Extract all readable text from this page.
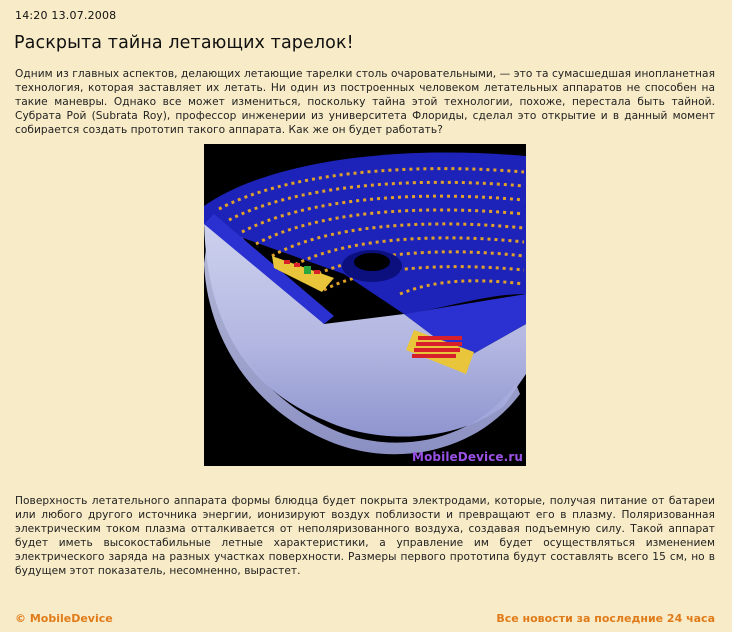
14:20 13.07.2008
Раскрыта тайна летающих тарелок!

Одним из главных аспектов, делающих летающие тарелки столь очаровательными, — это та сумасшедшая инопланетная технология, которая заставляет их летать. Ни один из построенных человеком летательных аппаратов не способен на такие маневры. Однако все может измениться, поскольку тайна этой технологии, похоже, перестала быть тайной. Субрата Рой (Subrata Roy), профессор инженерии из университета Флориды, сделал это открытие и в данный момент собирается создать прототип такого аппарата. Как же он будет работать?

MobileDevice.ru

Поверхность летательного аппарата формы блюдца будет покрыта электродами, которые, получая питание от батареи или любого другого источника энергии, ионизируют воздух поблизости и превращают его в плазму. Поляризованная электрическим током плазма отталкивается от неполяризованного воздуха, создавая подъемную силу. Такой аппарат будет иметь высокостабильные летные характеристики, а управление им будет осуществляться изменением электрического заряда на разных участках поверхности. Размеры первого прототипа будут составлять всего 15 см, но в будущем этот показатель, несомненно, вырастет.

© MobileDevice	Все новости за последние 24 часа
